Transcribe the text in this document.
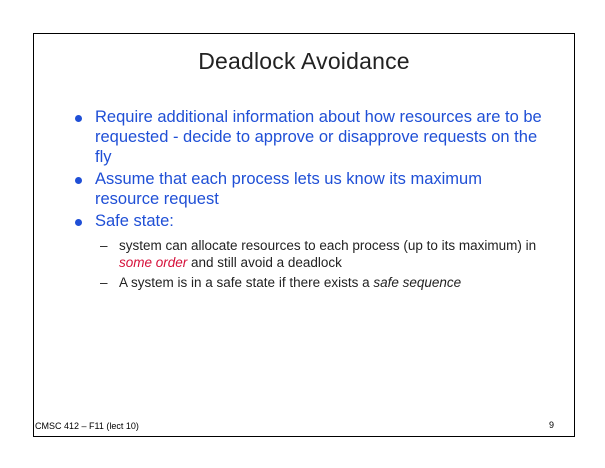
Deadlock Avoidance
Require additional information about how resources are to be requested - decide to approve or disapprove requests on the fly
Assume that each process lets us know its maximum resource request
Safe state:
– system can allocate resources to each process (up to its maximum) in some order and still avoid a deadlock
– A system is in a safe state if there exists a safe sequence
CMSC 412 – F11 (lect 10)	9
